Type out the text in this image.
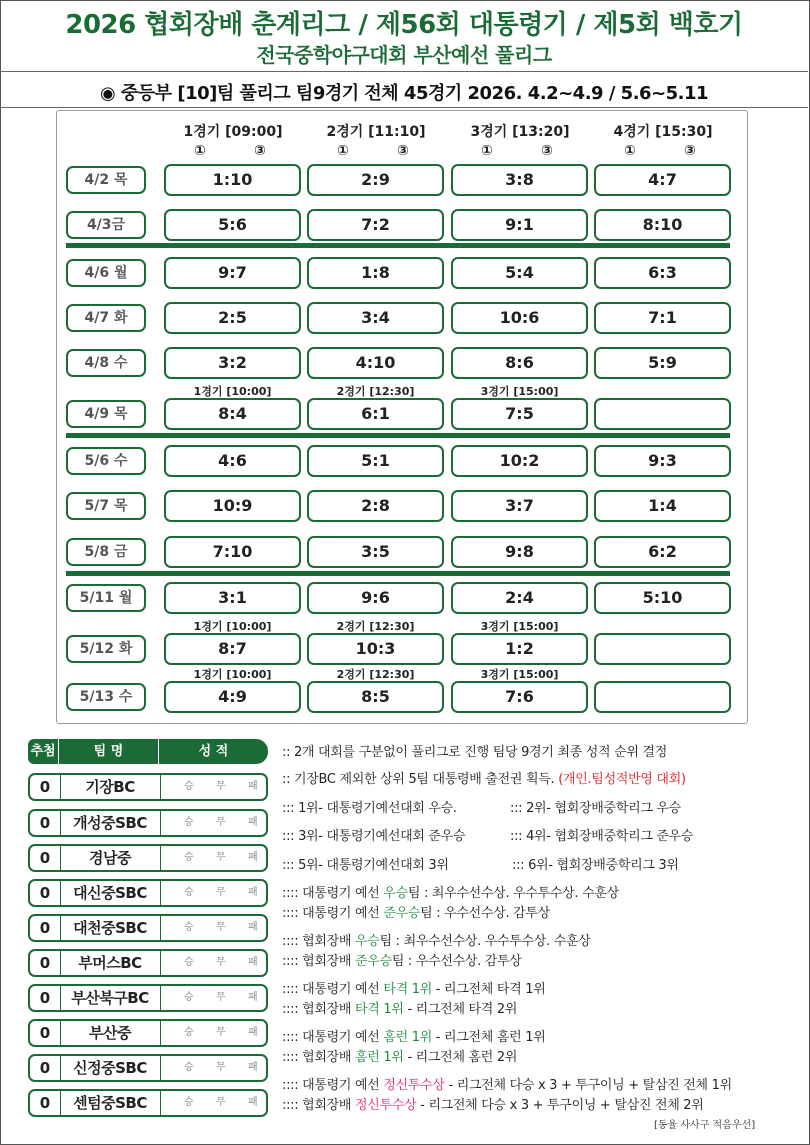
2026 협회장배 춘계리그 / 제56회 대통령기 / 제5회 백호기
전국중학야구대회 부산예선 풀리그
◉ 중등부 [10]팀 풀리그 팀9경기 전체 45경기 2026. 4.2~4.9 / 5.6~5.11
1경기 [09:00]
①	③
2경기 [11:10]
①	③
3경기 [13:20]
①	③
4경기 [15:30]
①	③
4/2 목	1:10	2:9	3:8	4:7
4/3금	5:6	7:2	9:1	8:10
4/6 월	9:7	1:8	5:4	6:3
4/7 화	2:5	3:4	10:6	7:1
4/8 수	3:2	4:10	8:6	5:9
4/9 목	8:4	6:1	7:5
1경기 [10:00]	2경기 [12:30]	3경기 [15:00]
5/6 수	4:6	5:1	10:2	9:3
5/7 목	10:9	2:8	3:7	1:4
5/8 금	7:10	3:5	9:8	6:2
5/11 월	3:1	9:6	2:4	5:10
5/12 화	8:7	10:3	1:2
1경기 [10:00]	2경기 [12:30]	3경기 [15:00]
5/13 수	4:9	8:5	7:6
1경기 [10:00]	2경기 [12:30]	3경기 [15:00]
추첨	팀 명	성 적
0	기장BC	승 무 패
0	개성중SBC	승 무 패
0	경남중	승 무 패
0	대신중SBC	승 무 패
0	대천중SBC	승 무 패
0	부머스BC	승 무 패
0	부산북구BC	승 무 패
0	부산중	승 무 패
0	신정중SBC	승 무 패
0	센텀중SBC	승 무 패
:: 2개 대회를 구분없이 풀리그로 진행 팀당 9경기 최종 성적 순위 결정
:: 기장BC 제외한 상위 5팀 대통령배 출전권 획득. (개인.팀성적반영 대회)
::: 1위- 대통령기예선대회 우승.	::: 2위- 협회장배중학리그 우승
::: 3위- 대통령기예선대회 준우승	::: 4위- 협회장배중학리그 준우승
::: 5위- 대통령기예선대회 3위	::: 6위- 협회장배중학리그 3위
:::: 대통령기 예선 우승팀 : 최우수선수상. 우수투수상. 수훈상
:::: 대통령기 예선 준우승팀 : 우수선수상. 감투상
:::: 협회장배 우승팀 : 최우수선수상. 우수투수상. 수훈상
:::: 협회장배 준우승팀 : 우수선수상. 감투상
:::: 대통령기 예선 타격 1위 - 리그전체 타격 1위
:::: 협회장배 타격 1위 - 리그전체 타격 2위
:::: 대통령기 예선 홈런 1위 - 리그전체 홈런 1위
:::: 협회장배 홈런 1위 - 리그전체 홈런 2위
:::: 대통령기 예선 정신투수상 - 리그전체 다승 x 3 + 투구이닝 + 탈삼진 전체 1위
:::: 협회장배 정신투수상 - 리그전체 다승 x 3 + 투구이닝 + 탈삼진 전체 2위
[동율 사사구 적음우선]
